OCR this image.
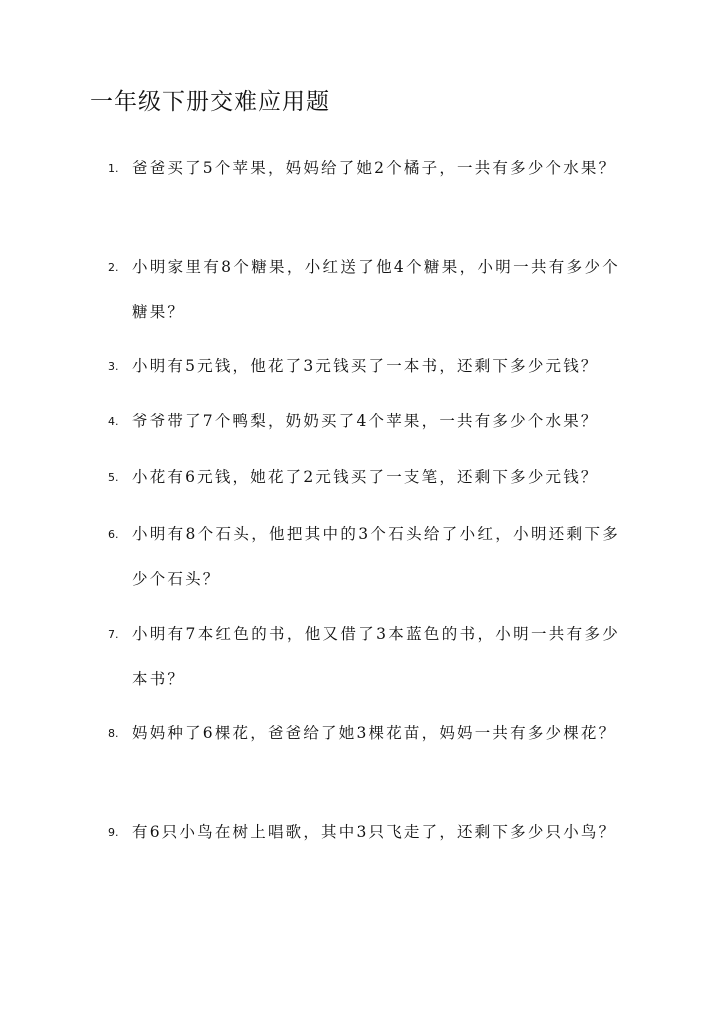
一年级下册交难应用题
1. 爸爸买了5个苹果，妈妈给了她2个橘子，一共有多少个水果？
2. 小明家里有8个糖果，小红送了他4个糖果，小明一共有多少个糖果？
3. 小明有5元钱，他花了3元钱买了一本书，还剩下多少元钱？
4. 爷爷带了7个鸭梨，奶奶买了4个苹果，一共有多少个水果？
5. 小花有6元钱，她花了2元钱买了一支笔，还剩下多少元钱？
6. 小明有8个石头，他把其中的3个石头给了小红，小明还剩下多少个石头？
7. 小明有7本红色的书，他又借了3本蓝色的书，小明一共有多少本书？
8. 妈妈种了6棵花，爸爸给了她3棵花苗，妈妈一共有多少棵花？
9. 有6只小鸟在树上唱歌，其中3只飞走了，还剩下多少只小鸟？
